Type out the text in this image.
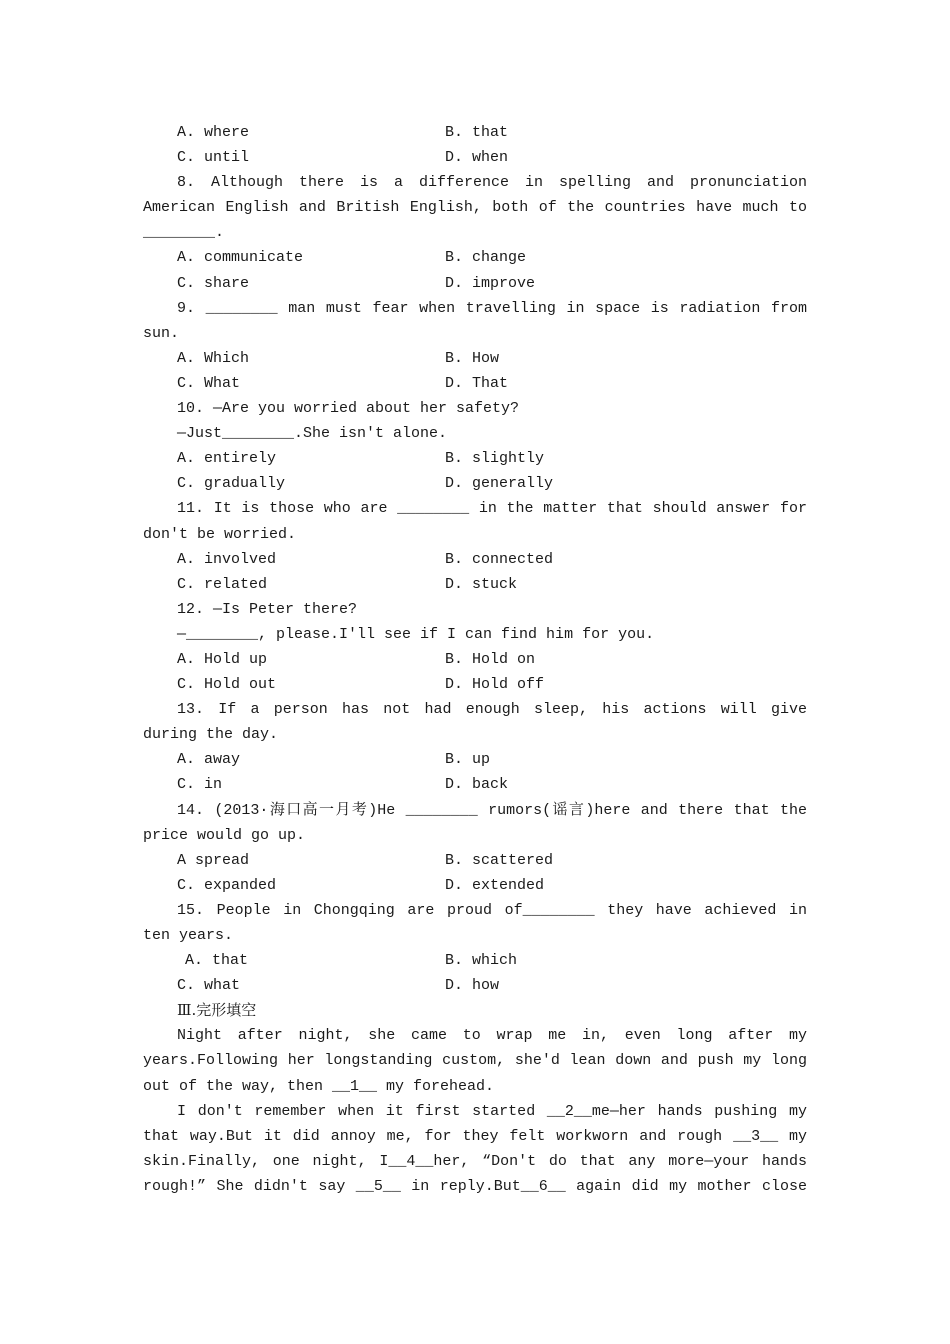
A. where	B. that
C. until	D. when
8. Although there is a difference in spelling and pronunciation
American English and British English, both of the countries have much to
________.
A. communicate	B. change
C. share	D. improve
9. ________ man must fear when travelling in space is radiation from
sun.
A. Which	B. How
C. What	D. That
10. —Are you worried about her safety?
—Just________.She isn't alone.
A. entirely	B. slightly
C. gradually	D. generally
11. It is those who are ________ in the matter that should answer for
don't be worried.
A. involved	B. connected
C. related	D. stuck
12. —Is Peter there?
—________, please.I'll see if I can find him for you.
A. Hold up	B. Hold on
C. Hold out	D. Hold off
13. If a person has not had enough sleep, his actions will give
during the day.
A. away	B. up
C. in	D. back
14. (2013·海口高一月考)He ________ rumors(谣言)here and there that the
price would go up.
A spread	B. scattered
C. expanded	D. extended
15. People in Chongqing are proud of________ they have achieved in
ten years.
A. that	B. which
C. what	D. how
Ⅲ.完形填空
Night after night, she came to wrap me in, even long after my
years.Following her longstanding custom, she'd lean down and push my long
out of the way, then __1__ my forehead.
I don't remember when it first started __2__me—her hands pushing my
that way.But it did annoy me, for they felt workworn and rough __3__ my
skin.Finally, one night, I__4__her, “Don't do that any more—your hands
rough!” She didn't say __5__ in reply.But__6__ again did my mother close
